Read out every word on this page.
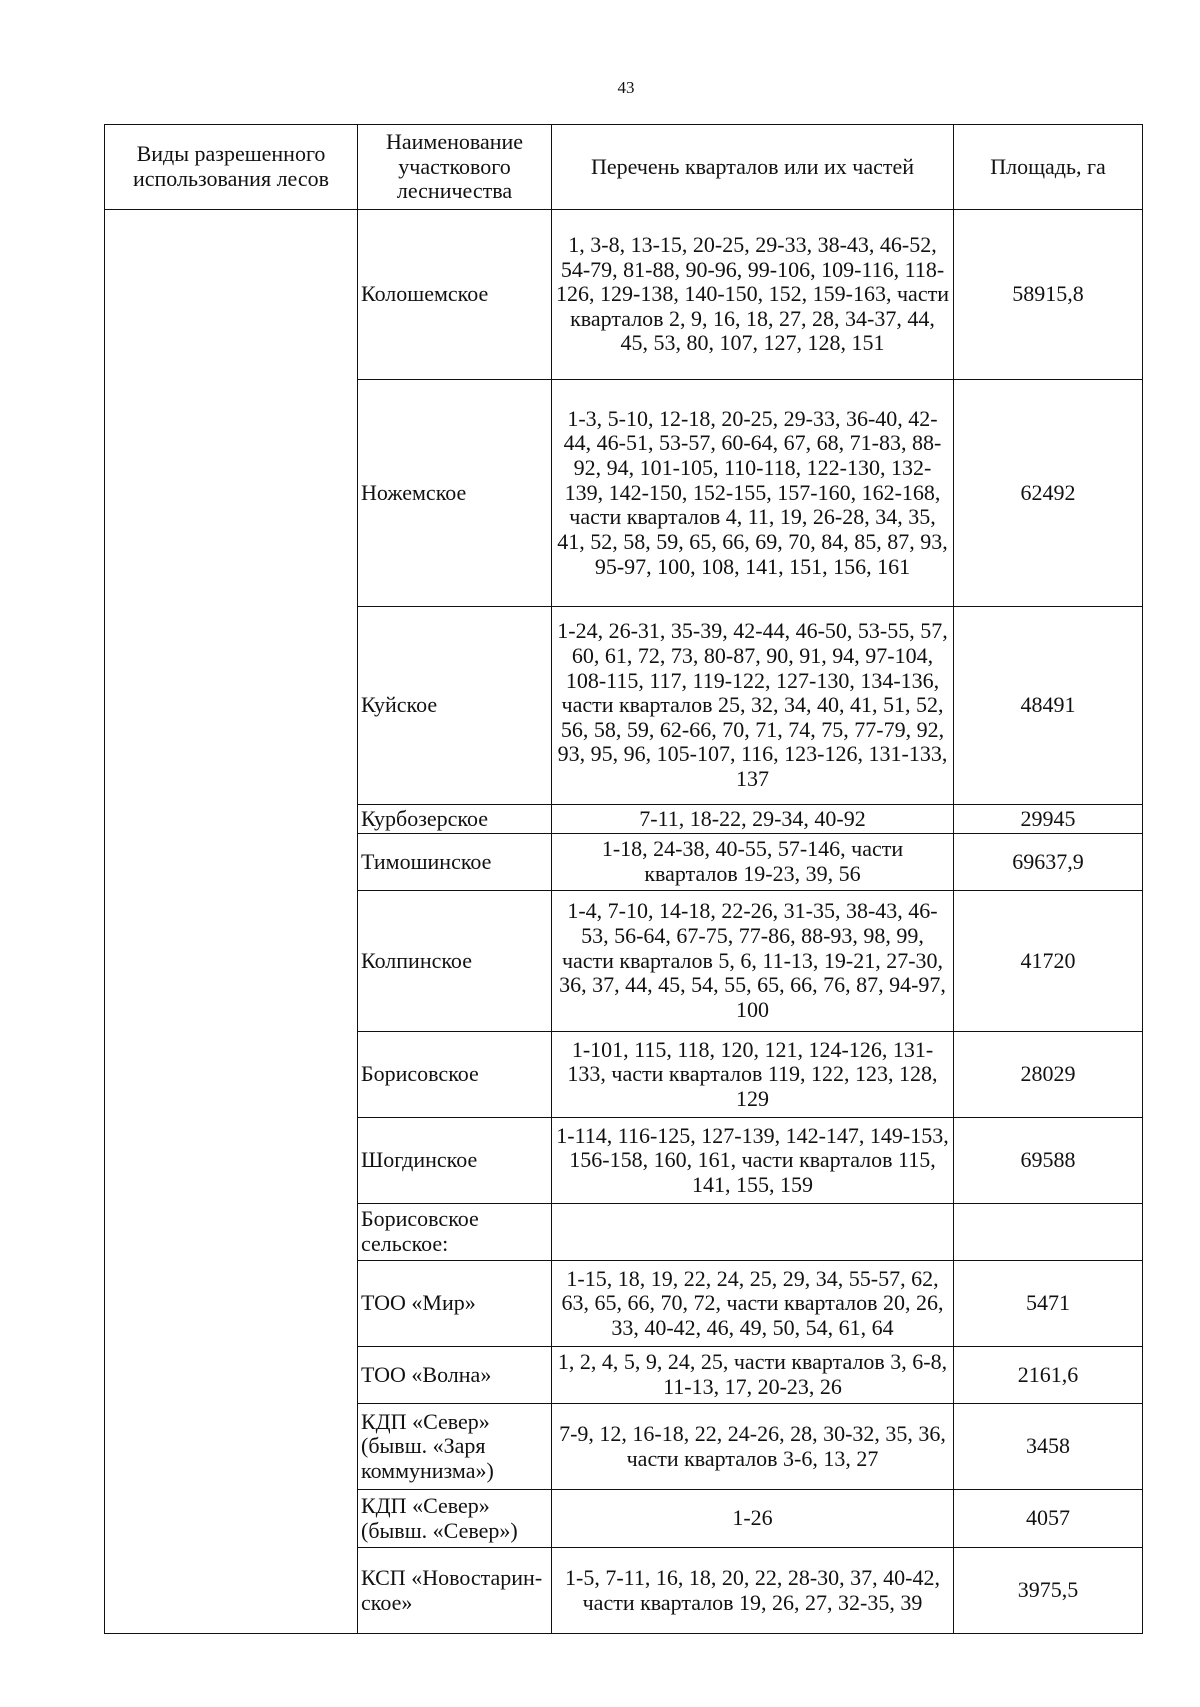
43
Виды разрешенного использования лесов	Наименование участкового лесничества	Перечень кварталов или их частей	Площадь, га
	Колошемское	1, 3-8, 13-15, 20-25, 29-33, 38-43, 46-52, 54-79, 81-88, 90-96, 99-106, 109-116, 118-126, 129-138, 140-150, 152, 159-163, части кварталов 2, 9, 16, 18, 27, 28, 34-37, 44, 45, 53, 80, 107, 127, 128, 151	58915,8
	Ножемское	1-3, 5-10, 12-18, 20-25, 29-33, 36-40, 42-44, 46-51, 53-57, 60-64, 67, 68, 71-83, 88-92, 94, 101-105, 110-118, 122-130, 132-139, 142-150, 152-155, 157-160, 162-168, части кварталов 4, 11, 19, 26-28, 34, 35, 41, 52, 58, 59, 65, 66, 69, 70, 84, 85, 87, 93, 95-97, 100, 108, 141, 151, 156, 161	62492
	Куйское	1-24, 26-31, 35-39, 42-44, 46-50, 53-55, 57, 60, 61, 72, 73, 80-87, 90, 91, 94, 97-104, 108-115, 117, 119-122, 127-130, 134-136, части кварталов 25, 32, 34, 40, 41, 51, 52, 56, 58, 59, 62-66, 70, 71, 74, 75, 77-79, 92, 93, 95, 96, 105-107, 116, 123-126, 131-133, 137	48491
	Курбозерское	7-11, 18-22, 29-34, 40-92	29945
	Тимошинское	1-18, 24-38, 40-55, 57-146, части кварталов 19-23, 39, 56	69637,9
	Колпинское	1-4, 7-10, 14-18, 22-26, 31-35, 38-43, 46-53, 56-64, 67-75, 77-86, 88-93, 98, 99, части кварталов 5, 6, 11-13, 19-21, 27-30, 36, 37, 44, 45, 54, 55, 65, 66, 76, 87, 94-97, 100	41720
	Борисовское	1-101, 115, 118, 120, 121, 124-126, 131-133, части кварталов 119, 122, 123, 128, 129	28029
	Шогдинское	1-114, 116-125, 127-139, 142-147, 149-153, 156-158, 160, 161, части кварталов 115, 141, 155, 159	69588
	Борисовское сельское:		
	ТОО «Мир»	1-15, 18, 19, 22, 24, 25, 29, 34, 55-57, 62, 63, 65, 66, 70, 72, части кварталов 20, 26, 33, 40-42, 46, 49, 50, 54, 61, 64	5471
	ТОО «Волна»	1, 2, 4, 5, 9, 24, 25, части кварталов 3, 6-8, 11-13, 17, 20-23, 26	2161,6
	КДП «Север» (бывш. «Заря коммунизма»)	7-9, 12, 16-18, 22, 24-26, 28, 30-32, 35, 36, части кварталов 3-6, 13, 27	3458
	КДП «Север» (бывш. «Север»)	1-26	4057
	КСП «Новостарин-ское»	1-5, 7-11, 16, 18, 20, 22, 28-30, 37, 40-42, части кварталов 19, 26, 27, 32-35, 39	3975,5
